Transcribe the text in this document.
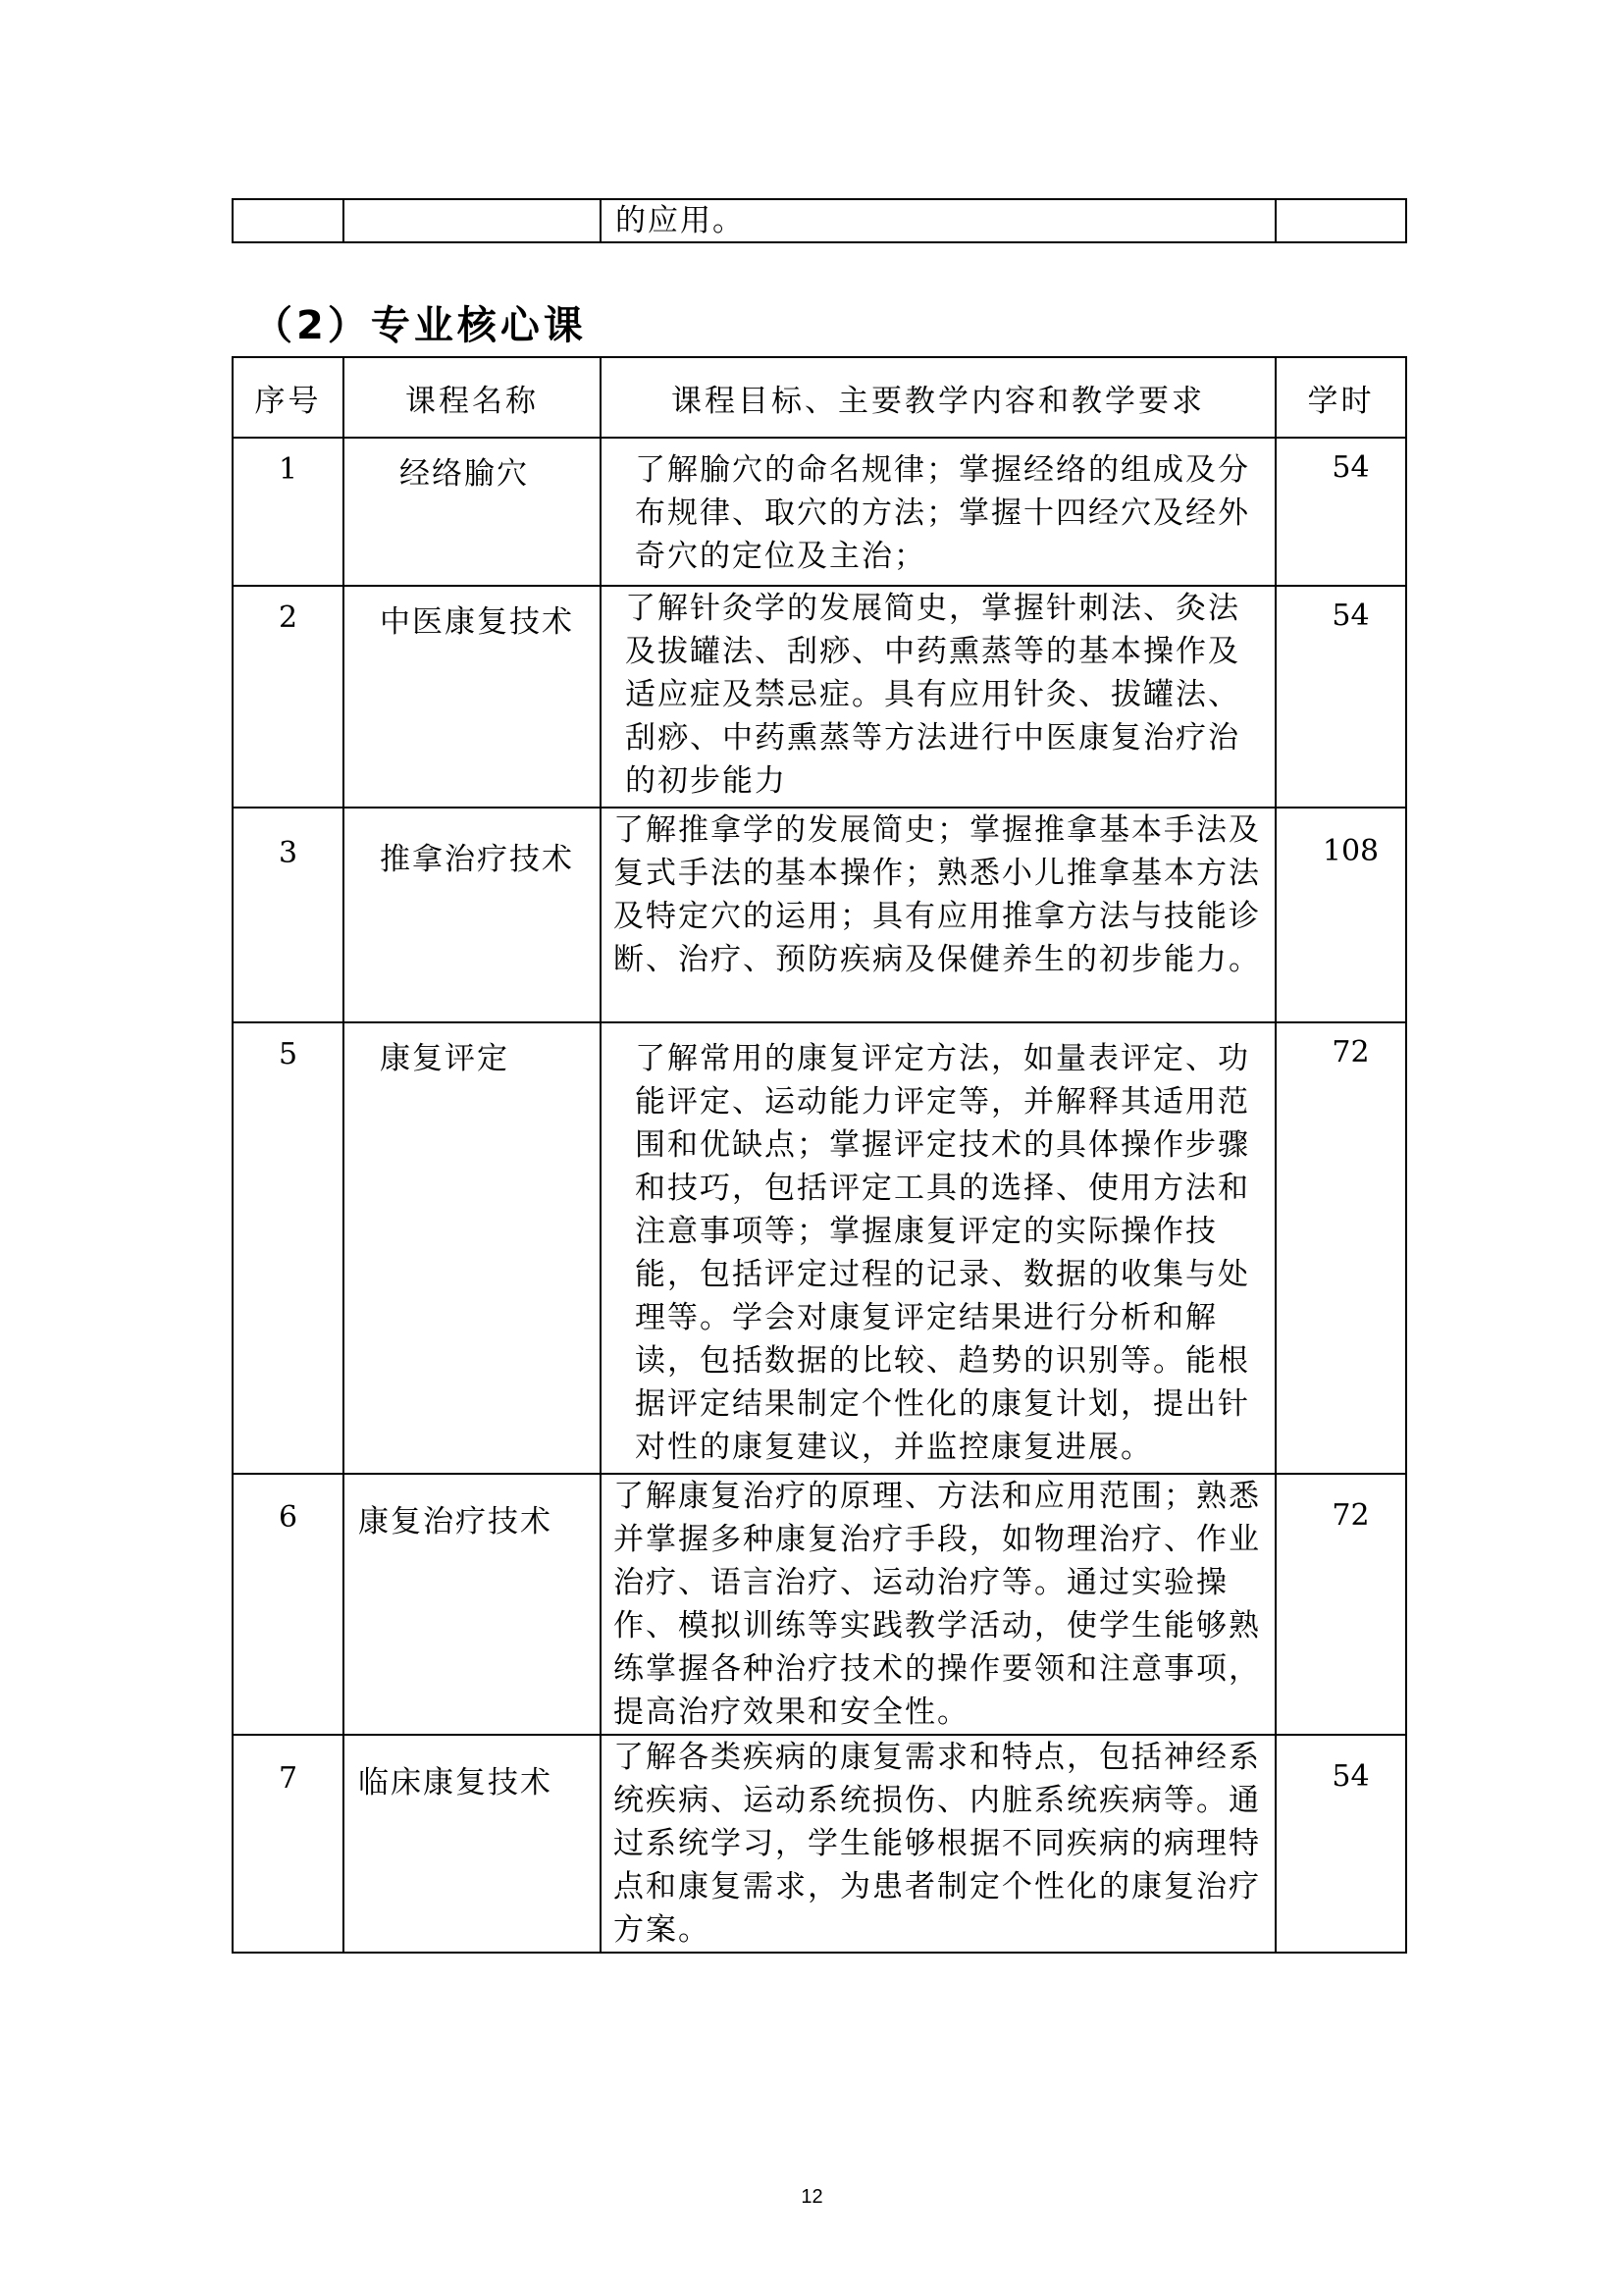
		的应用。	
（2）专业核心课
序号	课程名称	课程目标、主要教学内容和教学要求	学时
1	经络腧穴	了解腧穴的命名规律；掌握经络的组成及分布规律、取穴的方法；掌握十四经穴及经外奇穴的定位及主治；	54
2	中医康复技术	了解针灸学的发展简史，掌握针刺法、灸法及拔罐法、刮痧、中药熏蒸等的基本操作及适应症及禁忌症。具有应用针灸、拔罐法、刮痧、中药熏蒸等方法进行中医康复治疗治的初步能力	54
3	推拿治疗技术	了解推拿学的发展简史；掌握推拿基本手法及复式手法的基本操作；熟悉小儿推拿基本方法及特定穴的运用；具有应用推拿方法与技能诊断、治疗、预防疾病及保健养生的初步能力。	108
5	康复评定	了解常用的康复评定方法，如量表评定、功能评定、运动能力评定等，并解释其适用范围和优缺点；掌握评定技术的具体操作步骤和技巧，包括评定工具的选择、使用方法和注意事项等；掌握康复评定的实际操作技能，包括评定过程的记录、数据的收集与处理等。学会对康复评定结果进行分析和解读，包括数据的比较、趋势的识别等。能根据评定结果制定个性化的康复计划，提出针对性的康复建议，并监控康复进展。	72
6	康复治疗技术	了解康复治疗的原理、方法和应用范围；熟悉并掌握多种康复治疗手段，如物理治疗、作业治疗、语言治疗、运动治疗等。通过实验操作、模拟训练等实践教学活动，使学生能够熟练掌握各种治疗技术的操作要领和注意事项，提高治疗效果和安全性。	72
7	临床康复技术	了解各类疾病的康复需求和特点，包括神经系统疾病、运动系统损伤、内脏系统疾病等。通过系统学习，学生能够根据不同疾病的病理特点和康复需求，为患者制定个性化的康复治疗方案。	54
12
